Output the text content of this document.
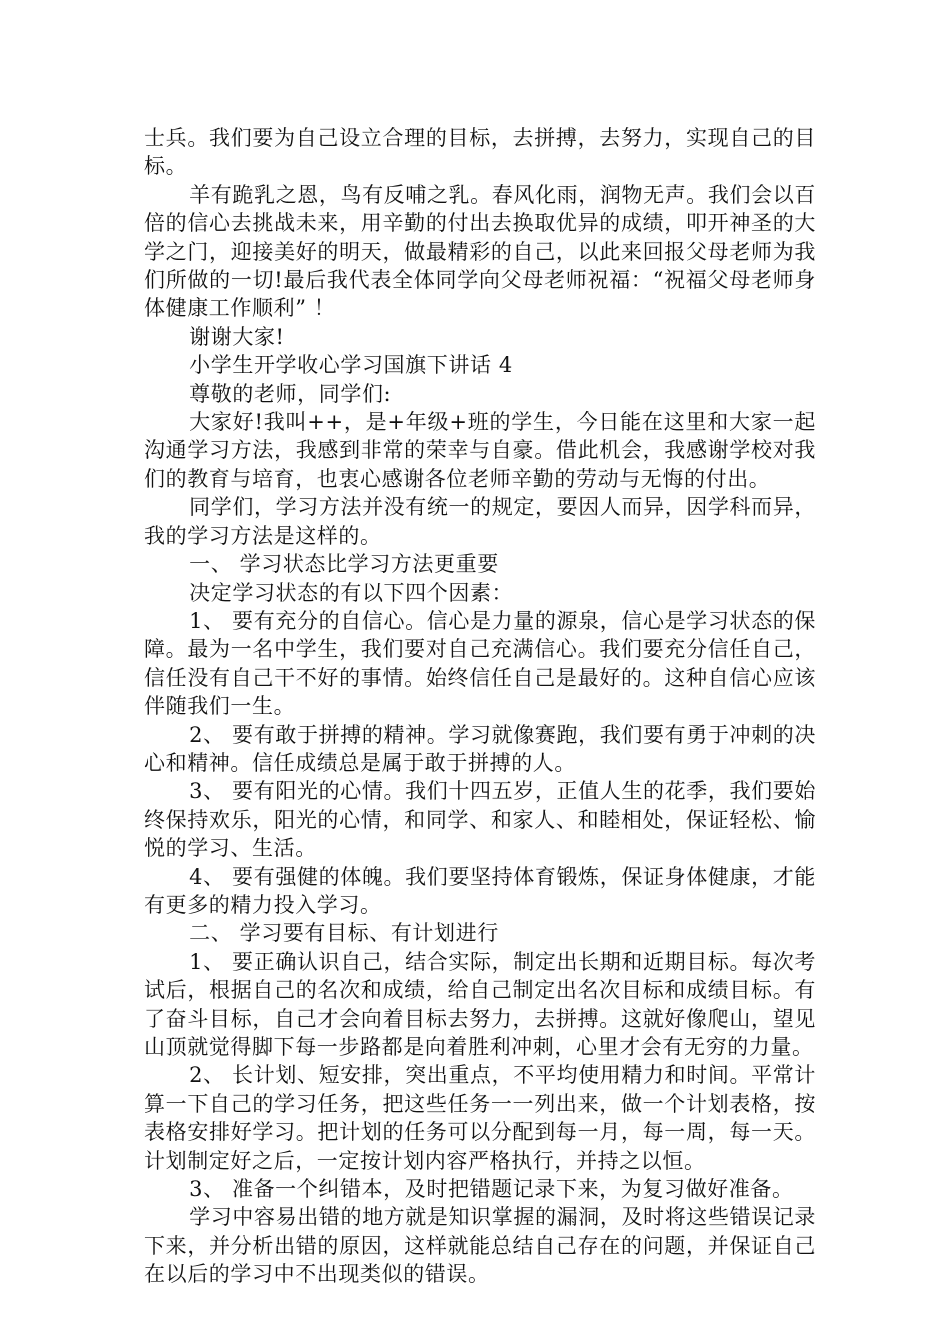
士兵。我们要为自己设立合理的目标，去拼搏，去努力，实现自己的目标。

羊有跪乳之恩，鸟有反哺之乳。春风化雨，润物无声。我们会以百倍的信心去挑战未来，用辛勤的付出去换取优异的成绩，叩开神圣的大学之门，迎接美好的明天，做最精彩的自己，以此来回报父母老师为我们所做的一切!最后我代表全体同学向父母老师祝福：“祝福父母老师身体健康工作顺利” ！

谢谢大家!

小学生开学收心学习国旗下讲话 4

尊敬的老师，同学们:

大家好!我叫++，是+年级+班的学生，今日能在这里和大家一起沟通学习方法，我感到非常的荣幸与自豪。借此机会，我感谢学校对我们的教育与培育，也衷心感谢各位老师辛勤的劳动与无悔的付出。

同学们，学习方法并没有统一的规定，要因人而异，因学科而异，我的学习方法是这样的。

一、 学习状态比学习方法更重要

决定学习状态的有以下四个因素：

1、 要有充分的自信心。信心是力量的源泉，信心是学习状态的保障。最为一名中学生，我们要对自己充满信心。我们要充分信任自己，信任没有自己干不好的事情。始终信任自己是最好的。这种自信心应该伴随我们一生。

2、 要有敢于拼搏的精神。学习就像赛跑，我们要有勇于冲刺的决心和精神。信任成绩总是属于敢于拼搏的人。

3、 要有阳光的心情。我们十四五岁，正值人生的花季，我们要始终保持欢乐，阳光的心情，和同学、和家人、和睦相处，保证轻松、愉悦的学习、生活。

4、 要有强健的体魄。我们要坚持体育锻炼，保证身体健康，才能有更多的精力投入学习。

二、 学习要有目标、有计划进行

1、 要正确认识自己，结合实际，制定出长期和近期目标。每次考试后，根据自己的名次和成绩，给自己制定出名次目标和成绩目标。有了奋斗目标，自己才会向着目标去努力，去拼搏。这就好像爬山，望见山顶就觉得脚下每一步路都是向着胜利冲刺，心里才会有无穷的力量。

2、 长计划、短安排，突出重点，不平均使用精力和时间。平常计算一下自己的学习任务，把这些任务一一列出来，做一个计划表格，按表格安排好学习。把计划的任务可以分配到每一月，每一周，每一天。计划制定好之后，一定按计划内容严格执行，并持之以恒。

3、 准备一个纠错本，及时把错题记录下来，为复习做好准备。

学习中容易出错的地方就是知识掌握的漏洞，及时将这些错误记录下来，并分析出错的原因，这样就能总结自己存在的问题，并保证自己在以后的学习中不出现类似的错误。
